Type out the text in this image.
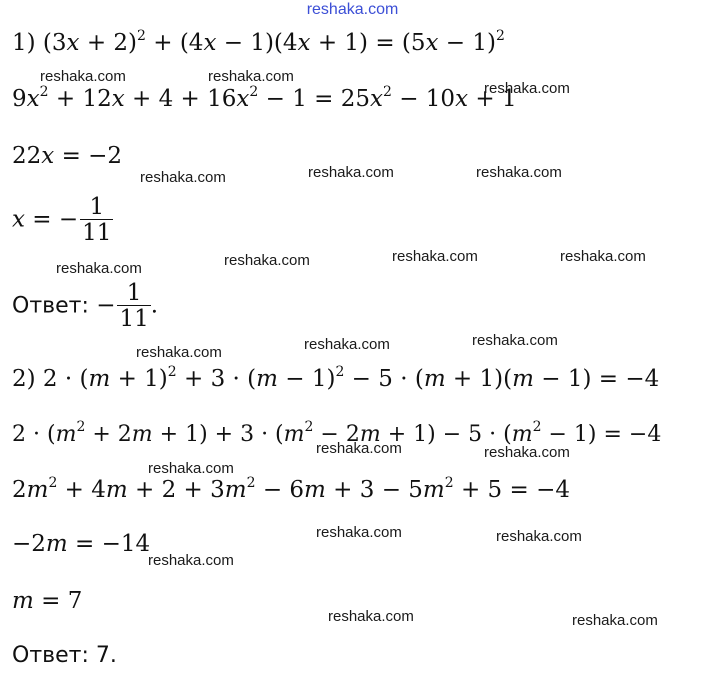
reshaka.com
1) $(3x + 2)^2 + (4x - 1)(4x + 1) = (5x - 1)^2$
$9x^2 + 12x + 4 + 16x^2 - 1 = 25x^2 - 10x + 1$
22x = −2
x = − $\frac{1}{11}$
Ответ: − $\frac{1}{11}$ .
2) $2 \cdot (m + 1)^2 + 3 \cdot (m - 1)^2 - 5 \cdot (m + 1)(m - 1) = -4$
$2 \cdot (m^2 + 2m + 1) + 3 \cdot (m^2 - 2m + 1) - 5 \cdot (m^2 - 1) = -4$
$2m^2 + 4m + 2 + 3m^2 - 6m + 3 - 5m^2 + 5 = -4$
−2m = −14
m = 7
Ответ: 7.
reshaka.com	reshaka.com
reshaka.com
reshaka.com	reshaka.com	reshaka.com
reshaka.com	reshaka.com	reshaka.com	reshaka.com
reshaka.com	reshaka.com	reshaka.com
reshaka.com	reshaka.com
reshaka.com
reshaka.com	reshaka.com
reshaka.com
reshaka.com	reshaka.com
